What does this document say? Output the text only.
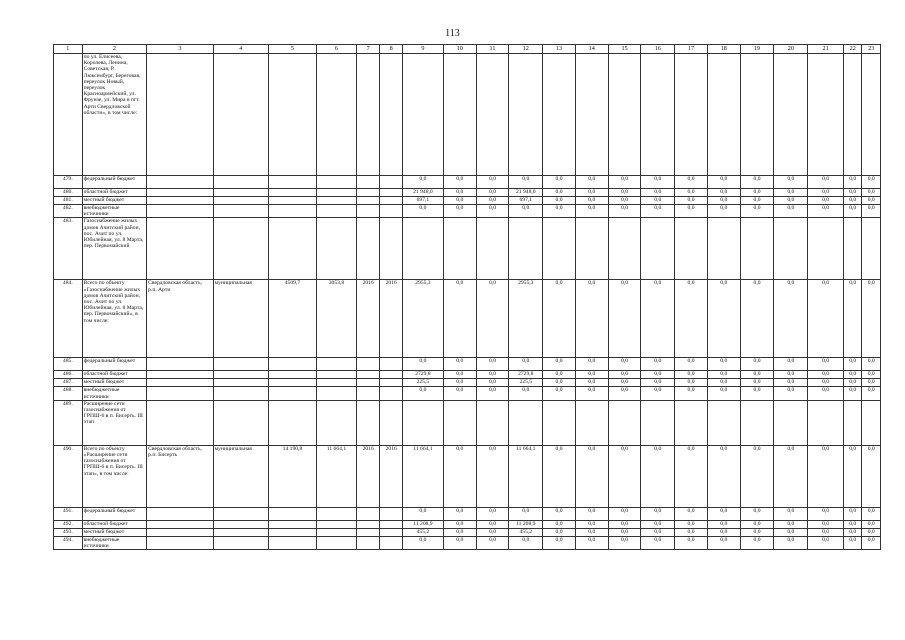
113
1	2	3	4	5	6	7	8	9	10	11	12	13	14	15	16	17	18	19	20	21	22	23
	по ул. Елисеева, Королева, Ленина, Советская, Р. Люксембург, Береговая, переулок Новый, переулок Красноармейский, ул. Фрунзе, ул. Мира в пгт. Арти Свердловской области», в том числе:																					
479.	федеральный бюджет							0,0	0,0	0,0	0,0	0,0	0,0	0,0	0,0	0,0	0,0	0,0	0,0	0,0	0,0	0,0
480.	областной бюджет							21 948,0	0,0	0,0	21 948,0	0,0	0,0	0,0	0,0	0,0	0,0	0,0	0,0	0,0	0,0	0,0
481.	местный бюджет							697,1	0,0	0,0	697,1	0,0	0,0	0,0	0,0	0,0	0,0	0,0	0,0	0,0	0,0	0,0
482.	внебюджетные источники							0,0	0,0	0,0	0,0	0,0	0,0	0,0	0,0	0,0	0,0	0,0	0,0	0,0	0,0	0,0
483.	Газоснабжение жилых домов Ачитский район, пос. Ачит по ул. Юбилейная, ул. 8 Марта, пер. Первомайский																					
484.	Всего по объекту «Газоснабжение жилых домов Ачитский район, пос. Ачит по ул. Юбилейная, ул. 8 Марта, пер. Первомайский», в том числе:	Свердловская область, р.п. Арти	муниципальная	4509,7	3053,8	2016	2016	2955,3	0,0	0,0	2955,3	0,0	0,0	0,0	0,0	0,0	0,0	0,0	0,0	0,0	0,0	0,0
485.	федеральный бюджет							0,0	0,0	0,0	0,0	0,0	0,0	0,0	0,0	0,0	0,0	0,0	0,0	0,0	0,0	0,0
486.	областной бюджет							2729,8	0,0	0,0	2729,8	0,0	0,0	0,0	0,0	0,0	0,0	0,0	0,0	0,0	0,0	0,0
487.	местный бюджет							225,5	0,0	0,0	225,5	0,0	0,0	0,0	0,0	0,0	0,0	0,0	0,0	0,0	0,0	0,0
488.	внебюджетные источники							0,0	0,0	0,0	0,0	0,0	0,0	0,0	0,0	0,0	0,0	0,0	0,0	0,0	0,0	0,0
489.	Расширение сети газоснабжения от ГРПШ-6 в п. Бисерть. III этап																					
490.	Всего по объекту «Расширение сети газоснабжения от ГРПШ-6 в п. Бисерть. III этап», в том числе:	Свердловская область, р.п. Бисерть	муниципальная	14 190,8	11 664,1	2016	2016	11 664,1	0,0	0,0	11 664,1	0,0	0,0	0,0	0,0	0,0	0,0	0,0	0,0	0,0	0,0	0,0
491.	федеральный бюджет							0,0	0,0	0,0	0,0	0,0	0,0	0,0	0,0	0,0	0,0	0,0	0,0	0,0	0,0	0,0
492.	областной бюджет							11 208,9	0,0	0,0	11 208,9	0,0	0,0	0,0	0,0	0,0	0,0	0,0	0,0	0,0	0,0	0,0
493.	местный бюджет							455,2	0,0	0,0	455,2	0,0	0,0	0,0	0,0	0,0	0,0	0,0	0,0	0,0	0,0	0,0
494.	внебюджетные источники							0,0	0,0	0,0	0,0	0,0	0,0	0,0	0,0	0,0	0,0	0,0	0,0	0,0	0,0	0,0
